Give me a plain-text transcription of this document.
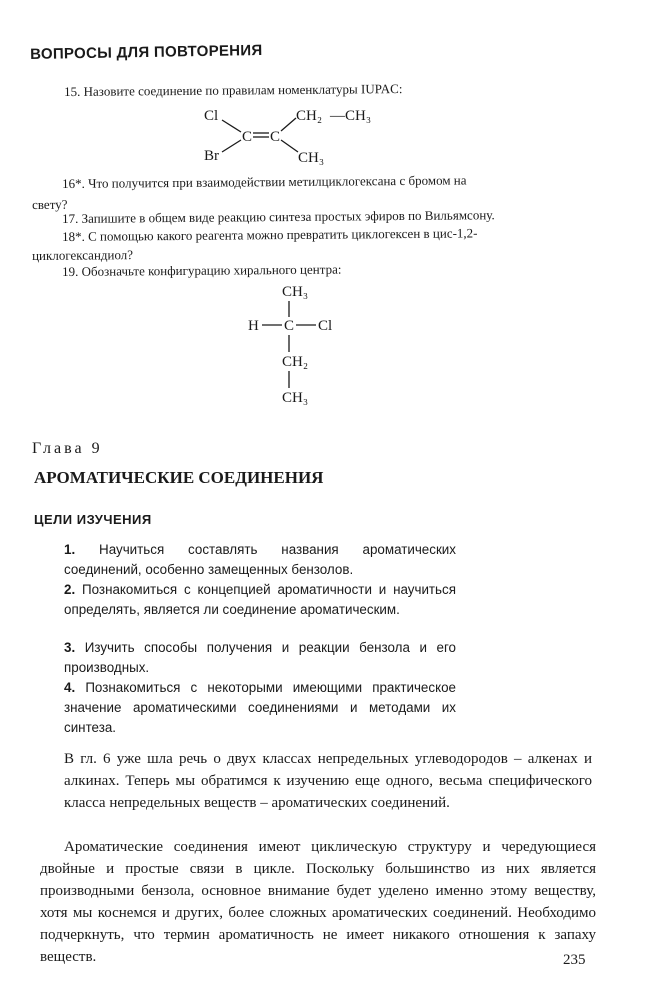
ВОПРОСЫ ДЛЯ ПОВТОРЕНИЯ
15. Назовите соединение по правилам номенклатуры IUPAC:
Cl
Br
C C
CH₂ —CH₃
CH₃
16*. Что получится при взаимодействии метилциклогексана с бромом на
свету?
17. Запишите в общем виде реакцию синтеза простых эфиров по Вильямсону.
18*. С помощью какого реагента можно превратить циклогексен в цис-1,2-
циклогександиол?
19. Обозначьте конфигурацию хирального центра:
CH₃
H C Cl
CH₂
CH₃
Глава 9
АРОМАТИЧЕСКИЕ СОЕДИНЕНИЯ
ЦЕЛИ ИЗУЧЕНИЯ
1. Научиться составлять названия ароматических соединений, особенно замещенных бензолов.
2. Познакомиться с концепцией ароматичности и научиться определять, является ли соединение ароматическим.
3. Изучить способы получения и реакции бензола и его производных.
4. Познакомиться с некоторыми имеющими практическое значение ароматическими соединениями и методами их синтеза.
В гл. 6 уже шла речь о двух классах непредельных углеводородов – алкенах и алкинах. Теперь мы обратимся к изучению еще одного, весьма специфического класса непредельных веществ – ароматических соединений.
Ароматические соединения имеют циклическую структуру и чередующиеся двойные и простые связи в цикле. Поскольку большинство из них является производными бензола, основное внимание будет уделено именно этому веществу, хотя мы коснемся и других, более сложных ароматических соединений. Необходимо подчеркнуть, что термин ароматичность не имеет никакого отношения к запаху веществ.	235
